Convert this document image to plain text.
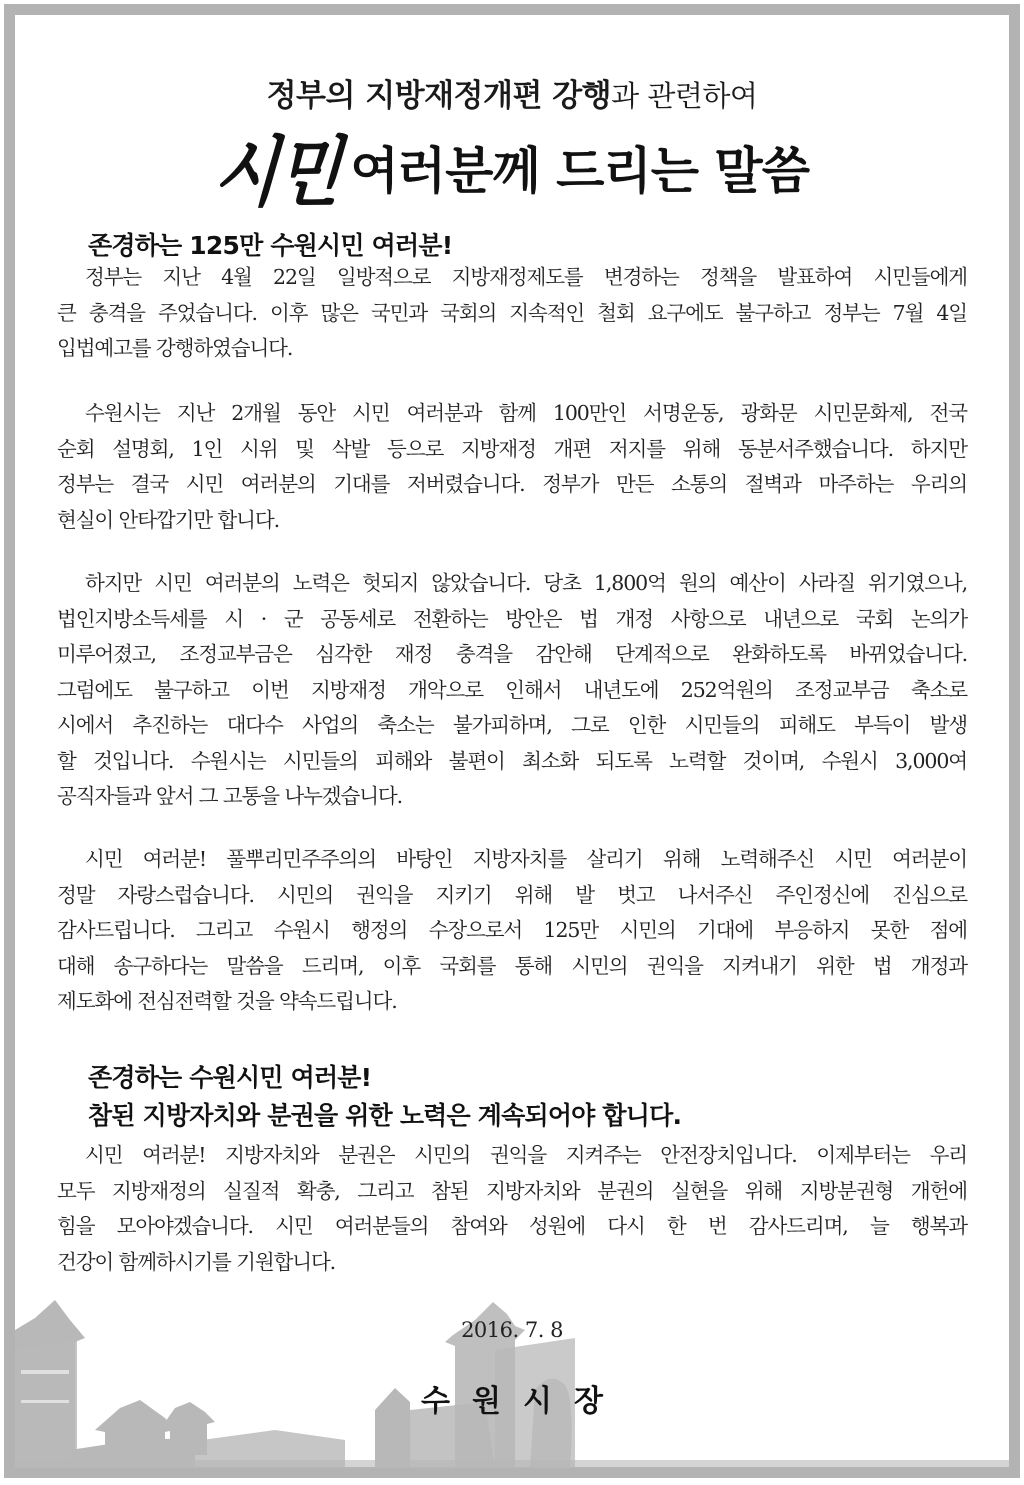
정부의 지방재정개편 강행과 관련하여
시민 여러분께 드리는 말씀
존경하는 125만 수원시민 여러분!
정부는 지난 4월 22일 일방적으로 지방재정제도를 변경하는 정책을 발표하여 시민들에게
큰 충격을 주었습니다. 이후 많은 국민과 국회의 지속적인 철회 요구에도 불구하고 정부는 7월 4일
입법예고를 강행하였습니다.
수원시는 지난 2개월 동안 시민 여러분과 함께 100만인 서명운동, 광화문 시민문화제, 전국
순회 설명회, 1인 시위 및 삭발 등으로 지방재정 개편 저지를 위해 동분서주했습니다. 하지만
정부는 결국 시민 여러분의 기대를 저버렸습니다. 정부가 만든 소통의 절벽과 마주하는 우리의
현실이 안타깝기만 합니다.
하지만 시민 여러분의 노력은 헛되지 않았습니다. 당초 1,800억 원의 예산이 사라질 위기였으나,
법인지방소득세를 시 · 군 공동세로 전환하는 방안은 법 개정 사항으로 내년으로 국회 논의가
미루어졌고, 조정교부금은 심각한 재정 충격을 감안해 단계적으로 완화하도록 바뀌었습니다.
그럼에도 불구하고 이번 지방재정 개악으로 인해서 내년도에 252억원의 조정교부금 축소로
시에서 추진하는 대다수 사업의 축소는 불가피하며, 그로 인한 시민들의 피해도 부득이 발생
할 것입니다. 수원시는 시민들의 피해와 불편이 최소화 되도록 노력할 것이며, 수원시 3,000여
공직자들과 앞서 그 고통을 나누겠습니다.
시민 여러분! 풀뿌리민주주의의 바탕인 지방자치를 살리기 위해 노력해주신 시민 여러분이
정말 자랑스럽습니다. 시민의 권익을 지키기 위해 발 벗고 나서주신 주인정신에 진심으로
감사드립니다. 그리고 수원시 행정의 수장으로서 125만 시민의 기대에 부응하지 못한 점에
대해 송구하다는 말씀을 드리며, 이후 국회를 통해 시민의 권익을 지켜내기 위한 법 개정과
제도화에 전심전력할 것을 약속드립니다.
존경하는 수원시민 여러분!
참된 지방자치와 분권을 위한 노력은 계속되어야 합니다.
시민 여러분! 지방자치와 분권은 시민의 권익을 지켜주는 안전장치입니다. 이제부터는 우리
모두 지방재정의 실질적 확충, 그리고 참된 지방자치와 분권의 실현을 위해 지방분권형 개헌에
힘을 모아야겠습니다. 시민 여러분들의 참여와 성원에 다시 한 번 감사드리며, 늘 행복과
건강이 함께하시기를 기원합니다.
2016. 7. 8
수원시장
